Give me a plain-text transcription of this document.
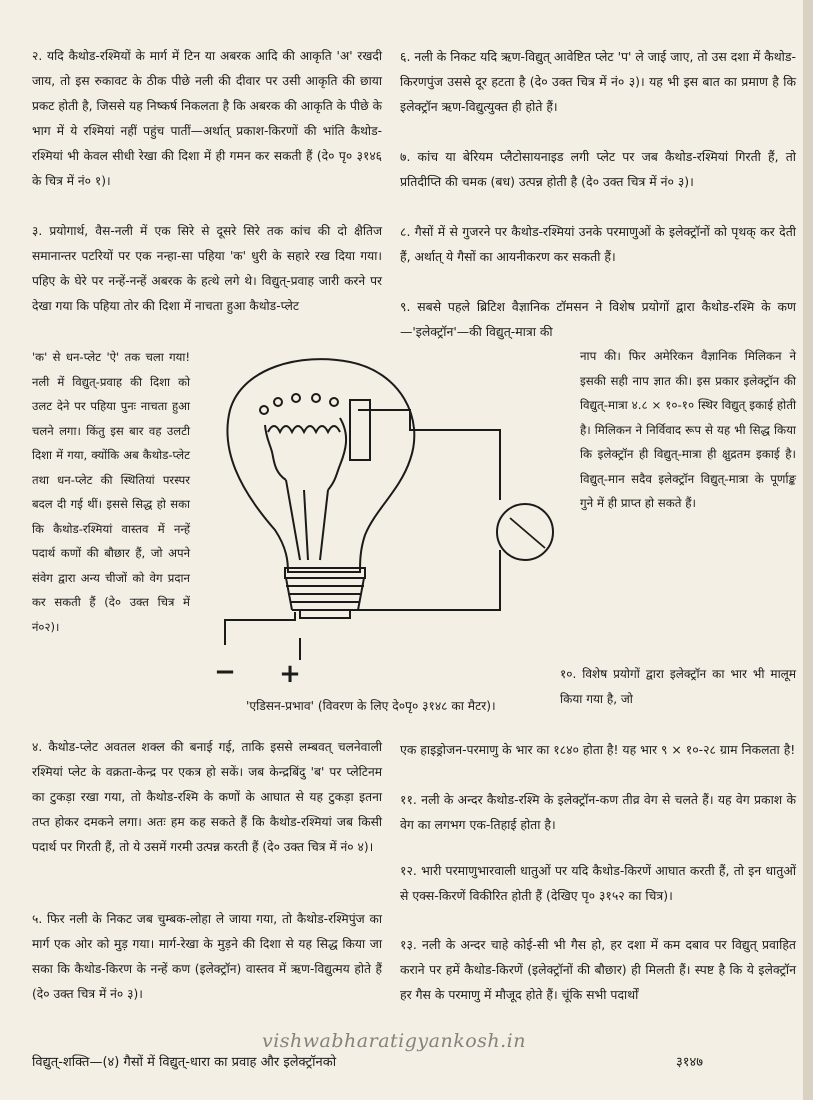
२. यदि कैथोड-रश्मियों के मार्ग में टिन या अबरक आदि की आकृति 'अ' रखदी जाय, तो इस रुकावट के ठीक पीछे नली की दीवार पर उसी आकृति की छाया प्रकट होती है, जिससे यह निष्कर्ष निकलता है कि अबरक की आकृति के पीछे के भाग में ये रश्मियां नहीं पहुंच पातीं—अर्थात् प्रकाश-किरणों की भांति कैथोड-रश्मियां भी केवल सीधी रेखा की दिशा में ही गमन कर सकती हैं (दे० पृ० ३१४६ के चित्र में नं० १)।

३. प्रयोगार्थ, वैस-नली में एक सिरे से दूसरे सिरे तक कांच की दो क्षैतिज समानान्तर पटरियों पर एक नन्हा-सा पहिया 'क' धुरी के सहारे रख दिया गया। पहिए के घेरे पर नन्हें-नन्हें अबरक के हत्थे लगे थे। विद्युत्-प्रवाह जारी करने पर देखा गया कि पहिया तोर की दिशा में नाचता हुआ कैथोड-प्लेट

'क' से धन-प्लेट 'ऐ' तक चला गया! नली में विद्युत्-प्रवाह की दिशा को उलट देने पर पहिया पुनः नाचता हुआ चलने लगा। किंतु इस बार वह उलटी दिशा में गया, क्योंकि अब कैथोड-प्लेट तथा धन-प्लेट की स्थितियां परस्पर बदल दी गई थीं। इससे सिद्ध हो सका कि कैथोड-रश्मियां वास्तव में नन्हें पदार्थ कणों की बौछार हैं, जो अपने संवेग द्वारा अन्य चीजों को वेग प्रदान कर सकती हैं (दे० उक्त चित्र में नं०२)।

४. कैथोड-प्लेट अवतल शक्ल की बनाई गई, ताकि इससे लम्बवत् चलनेवाली रश्मियां प्लेट के वक्रता-केन्द्र पर एकत्र हो सकें। जब केन्द्रबिंदु 'ब' पर प्लेटिनम का टुकड़ा रखा गया, तो कैथोड-रश्मि के कणों के आघात से यह टुकड़ा इतना तप्त होकर दमकने लगा। अतः हम कह सकते हैं कि कैथोड-रश्मियां जब किसी पदार्थ पर गिरती हैं, तो ये उसमें गरमी उत्पन्न करती हैं (दे० उक्त चित्र में नं० ४)।

५. फिर नली के निकट जब चुम्बक-लोहा ले जाया गया, तो कैथोड-रश्मिपुंज का मार्ग एक ओर को मुड़ गया। मार्ग-रेखा के मुड़ने की दिशा से यह सिद्ध किया जा सका कि कैथोड-किरण के नन्हें कण (इलेक्ट्रॉन) वास्तव में ऋण-विद्युत्मय होते हैं (दे० उक्त चित्र में नं० ३)।

६. नली के निकट यदि ऋण-विद्युत् आवेष्टित प्लेट 'प' ले जाई जाए, तो उस दशा में कैथोड-किरणपुंज उससे दूर हटता है (दे० उक्त चित्र में नं० ३)। यह भी इस बात का प्रमाण है कि इलेक्ट्रॉन ऋण-विद्युत्युक्त ही होते हैं।

७. कांच या बेरियम प्लैटोसायनाइड लगी प्लेट पर जब कैथोड-रश्मियां गिरती हैं, तो प्रतिदीप्ति की चमक (बध) उत्पन्न होती है (दे० उक्त चित्र में नं० ३)।

८. गैसों में से गुजरने पर कैथोड-रश्मियां उनके परमाणुओं के इलेक्ट्रॉनों को पृथक् कर देती हैं, अर्थात् ये गैसों का आयनीकरण कर सकती हैं।

९. सबसे पहले ब्रिटिश वैज्ञानिक टॉमसन ने विशेष प्रयोगों द्वारा कैथोड-रश्मि के कण—'इलेक्ट्रॉन'—की विद्युत्-मात्रा की

नाप की। फिर अमेरिकन वैज्ञानिक मिलिकन ने इसकी सही नाप ज्ञात की। इस प्रकार इलेक्ट्रॉन की विद्युत्-मात्रा ४.८ × १०-१० स्थिर विद्युत् इकाई होती है। मिलिकन ने निर्विवाद रूप से यह भी सिद्ध किया कि इलेक्ट्रॉन ही विद्युत्-मात्रा ही क्षुद्रतम इकाई है। विद्युत्-मान सदैव इलेक्ट्रॉन विद्युत्-मात्रा के पूर्णाङ्क गुने में ही प्राप्त हो सकते हैं।

१०. विशेष प्रयोगों द्वारा इलेक्ट्रॉन का भार भी मालूम किया गया है, जो

एक हाइड्रोजन-परमाणु के भार का १८४० होता है! यह भार ९ × १०-२८ ग्राम निकलता है!

११. नली के अन्दर कैथोड-रश्मि के इलेक्ट्रॉन-कण तीव्र वेग से चलते हैं। यह वेग प्रकाश के वेग का लगभग एक-तिहाई होता है।

१२. भारी परमाणुभारवाली धातुओं पर यदि कैथोड-किरणें आघात करती हैं, तो इन धातुओं से एक्स-किरणें विकीरित होती हैं (देखिए पृ० ३१५२ का चित्र)।

१३. नली के अन्दर चाहे कोई-सी भी गैस हो, हर दशा में कम दबाव पर विद्युत् प्रवाहित कराने पर हमें कैथोड-किरणें (इलेक्ट्रॉनों की बौछार) ही मिलती हैं। स्पष्ट है कि ये इलेक्ट्रॉन हर गैस के परमाणु में मौजूद होते हैं। चूंकि सभी पदार्थों

− +
'एडिसन-प्रभाव' (विवरण के लिए दे०पृ० ३१४८ का मैटर)।
vishwabharatigyankosh.in
विद्युत्-शक्ति—(४) गैसों में विद्युत्-धारा का प्रवाह और इलेक्ट्रॉनको	३१४७
